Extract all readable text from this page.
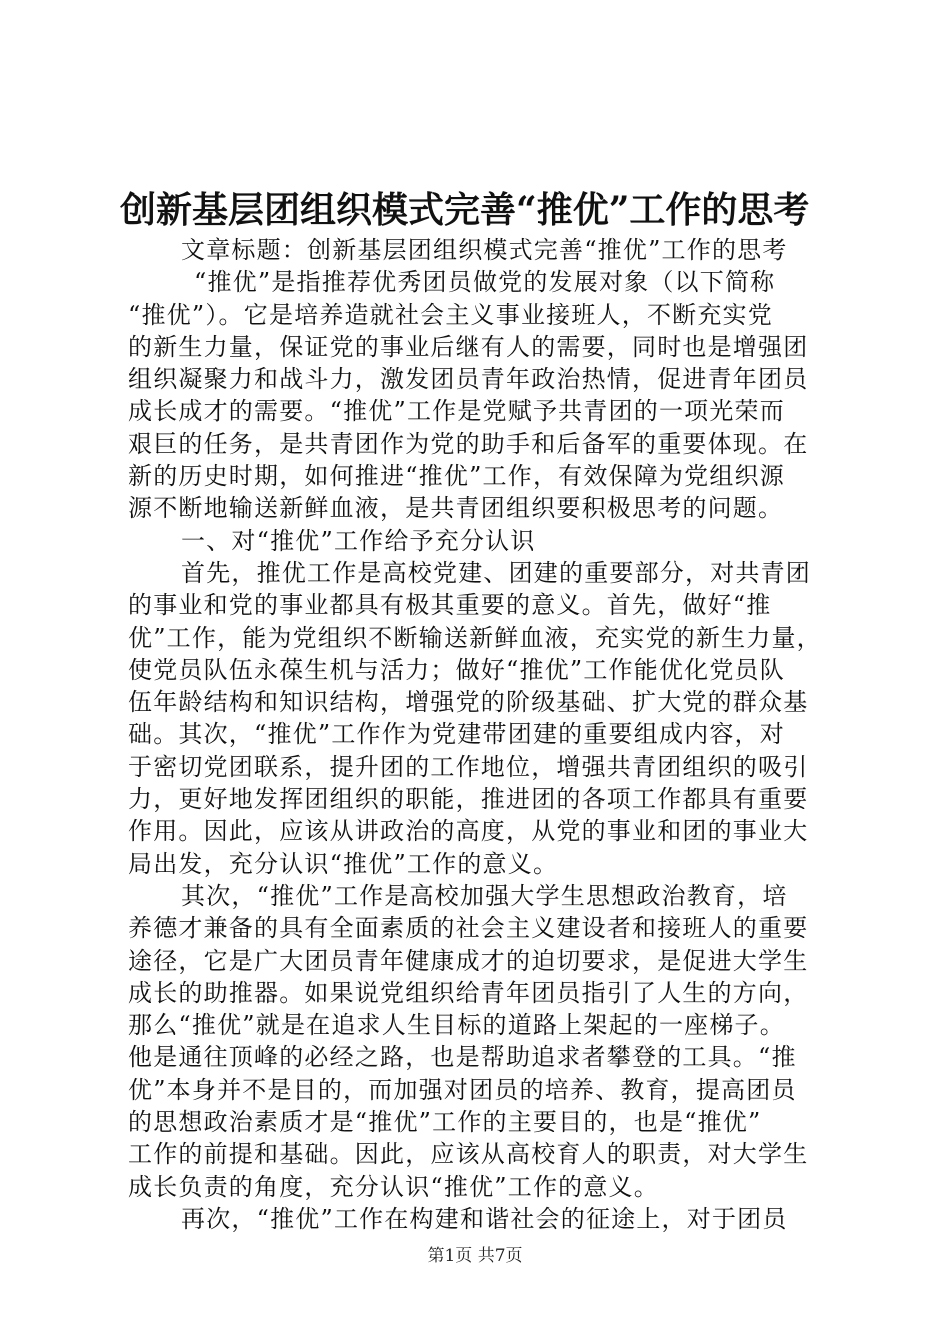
创新基层团组织模式完善“推优”工作的思考
文章标题：创新基层团组织模式完善“推优”工作的思考
“推优”是指推荐优秀团员做党的发展对象（以下简称
“推优”）。它是培养造就社会主义事业接班人，不断充实党
的新生力量，保证党的事业后继有人的需要，同时也是增强团
组织凝聚力和战斗力，激发团员青年政治热情，促进青年团员
成长成才的需要。“推优”工作是党赋予共青团的一项光荣而
艰巨的任务，是共青团作为党的助手和后备军的重要体现。在
新的历史时期，如何推进“推优”工作，有效保障为党组织源
源不断地输送新鲜血液，是共青团组织要积极思考的问题。
一、对“推优”工作给予充分认识
首先，推优工作是高校党建、团建的重要部分，对共青团
的事业和党的事业都具有极其重要的意义。首先，做好“推
优”工作，能为党组织不断输送新鲜血液，充实党的新生力量，
使党员队伍永葆生机与活力；做好“推优”工作能优化党员队
伍年龄结构和知识结构，增强党的阶级基础、扩大党的群众基
础。其次，“推优”工作作为党建带团建的重要组成内容，对
于密切党团联系，提升团的工作地位，增强共青团组织的吸引
力，更好地发挥团组织的职能，推进团的各项工作都具有重要
作用。因此，应该从讲政治的高度，从党的事业和团的事业大
局出发，充分认识“推优”工作的意义。
其次，“推优”工作是高校加强大学生思想政治教育，培
养德才兼备的具有全面素质的社会主义建设者和接班人的重要
途径，它是广大团员青年健康成才的迫切要求，是促进大学生
成长的助推器。如果说党组织给青年团员指引了人生的方向，
那么“推优”就是在追求人生目标的道路上架起的一座梯子。
他是通往顶峰的必经之路，也是帮助追求者攀登的工具。“推
优”本身并不是目的，而加强对团员的培养、教育，提高团员
的思想政治素质才是“推优”工作的主要目的，也是“推优”
工作的前提和基础。因此，应该从高校育人的职责，对大学生
成长负责的角度，充分认识“推优”工作的意义。
再次，“推优”工作在构建和谐社会的征途上，对于团员
第1页 共7页
